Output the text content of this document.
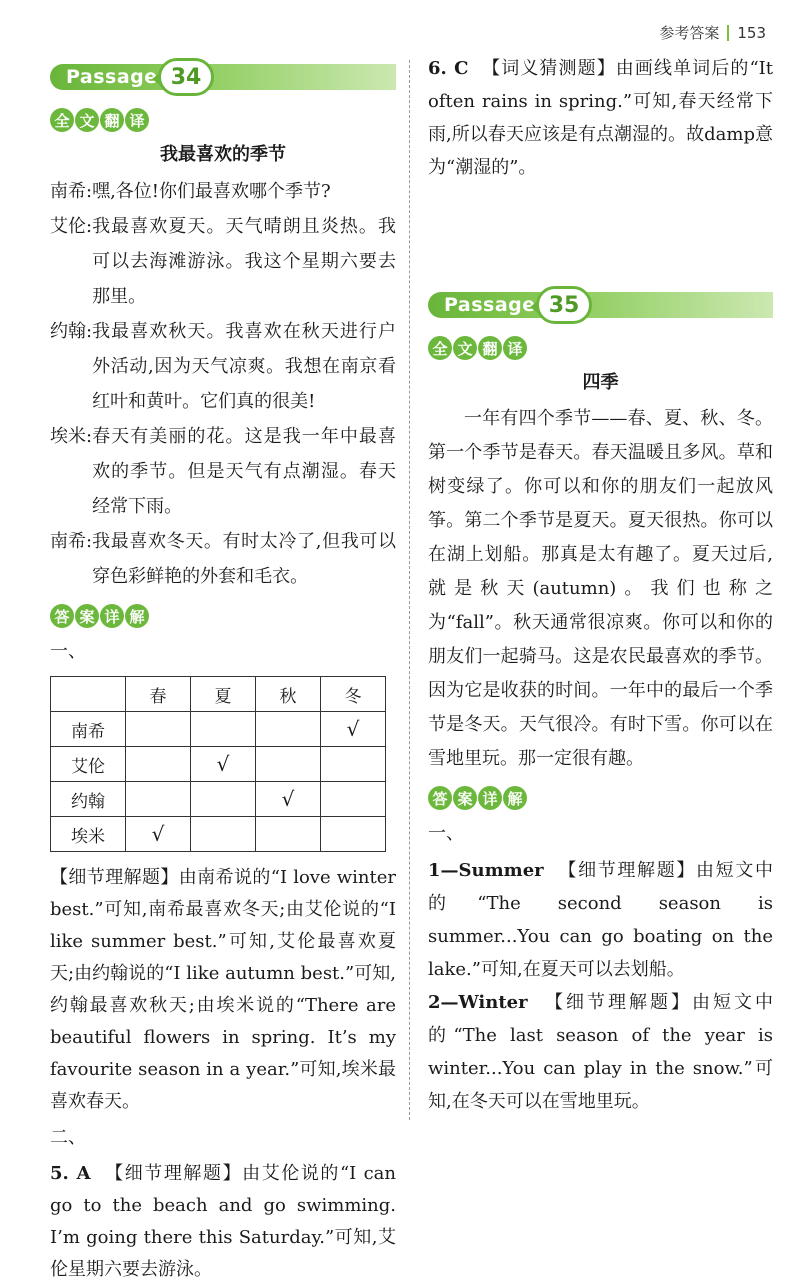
参考答案 153
Passage 34
全 文 翻 译
我最喜欢的季节
南希: 嘿,各位!你们最喜欢哪个季节?
艾伦: 我最喜欢夏天。天气晴朗且炎热。我可以去海滩游泳。我这个星期六要去那里。
约翰: 我最喜欢秋天。我喜欢在秋天进行户外活动,因为天气凉爽。我想在南京看红叶和黄叶。它们真的很美!
埃米: 春天有美丽的花。这是我一年中最喜欢的季节。但是天气有点潮湿。春天经常下雨。
南希: 我最喜欢冬天。有时太冷了,但我可以穿色彩鲜艳的外套和毛衣。
答 案 详 解
一、
	春	夏	秋	冬
南希				√
艾伦		√		
约翰			√	
埃米	√			

【细节理解题】由南希说的“I love winter best.”可知,南希最喜欢冬天;由艾伦说的“I like summer best.”可知,艾伦最喜欢夏天;由约翰说的“I like autumn best.”可知,约翰最喜欢秋天;由埃米说的“There are beautiful flowers in spring. It’s my favourite season in a year.”可知,埃米最喜欢春天。

二、

5. A 【细节理解题】由艾伦说的“I can go to the beach and go swimming. I’m going there this Saturday.”可知,艾伦星期六要去游泳。

Passage 35
全 文 翻 译
四季

一年有四个季节——春、夏、秋、冬。第一个季节是春天。春天温暖且多风。草和树变绿了。你可以和你的朋友们一起放风筝。第二个季节是夏天。夏天很热。你可以在湖上划船。那真是太有趣了。夏天过后,就是秋天(autumn)。我们也称之为“fall”。秋天通常很凉爽。你可以和你的朋友们一起骑马。这是农民最喜欢的季节。因为它是收获的时间。一年中的最后一个季节是冬天。天气很冷。有时下雪。你可以在雪地里玩。那一定很有趣。

答 案 详 解
一、

1—Summer 【细节理解题】由短文中的“The second season is summer...You can go boating on the lake.”可知,在夏天可以去划船。

2—Winter 【细节理解题】由短文中的“The last season of the year is winter...You can play in the snow.”可知,在冬天可以在雪地里玩。

6. C 【词义猜测题】由画线单词后的“It often rains in spring.”可知,春天经常下雨,所以春天应该是有点潮湿的。故damp意为“潮湿的”。
